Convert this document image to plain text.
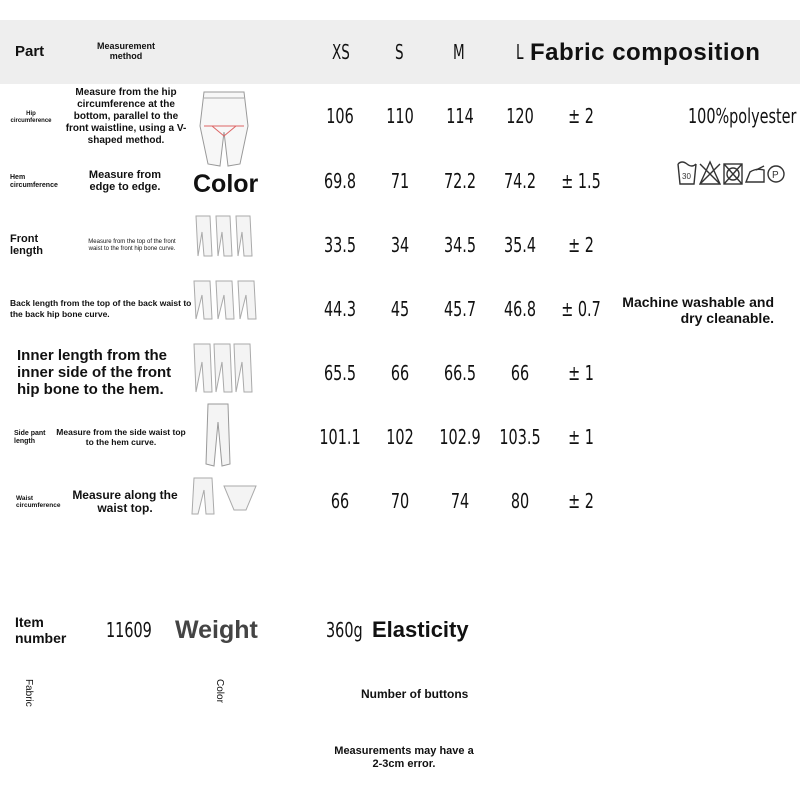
Part	Measurement method	XS S M	L Fabric composition
Hip circumference
Measure from the hip circumference at the bottom, parallel to the front waistline, using a V-shaped method.
106	110	114	120	± 2	100%polyester
Hem circumference
Measure from edge to edge.	Color	69.8	71	72.2 74.2 ± 1.5	30	P
Front length
Measure from the top of the front waist to the front hip bone curve.	33.5	34	34.5 35.4	± 2
Back length from the top of the back waist to the back hip bone curve.	44.3	45	45.7 46.8 ± 0.7	Machine washable and dry cleanable.
Inner length from the inner side of the front hip bone to the hem.
65.5	66	66.5	66	± 1
Side pant length
Measure from the side waist top to the hem curve.	101.1	102	102.9 103.5	± 1
Waist circumference
Measure along the waist top.	66	70	74	80	± 2
Item number	11609 Weight	360g Elasticity
Fabric	Color	Number of buttons
Measurements may have a 2-3cm error.
